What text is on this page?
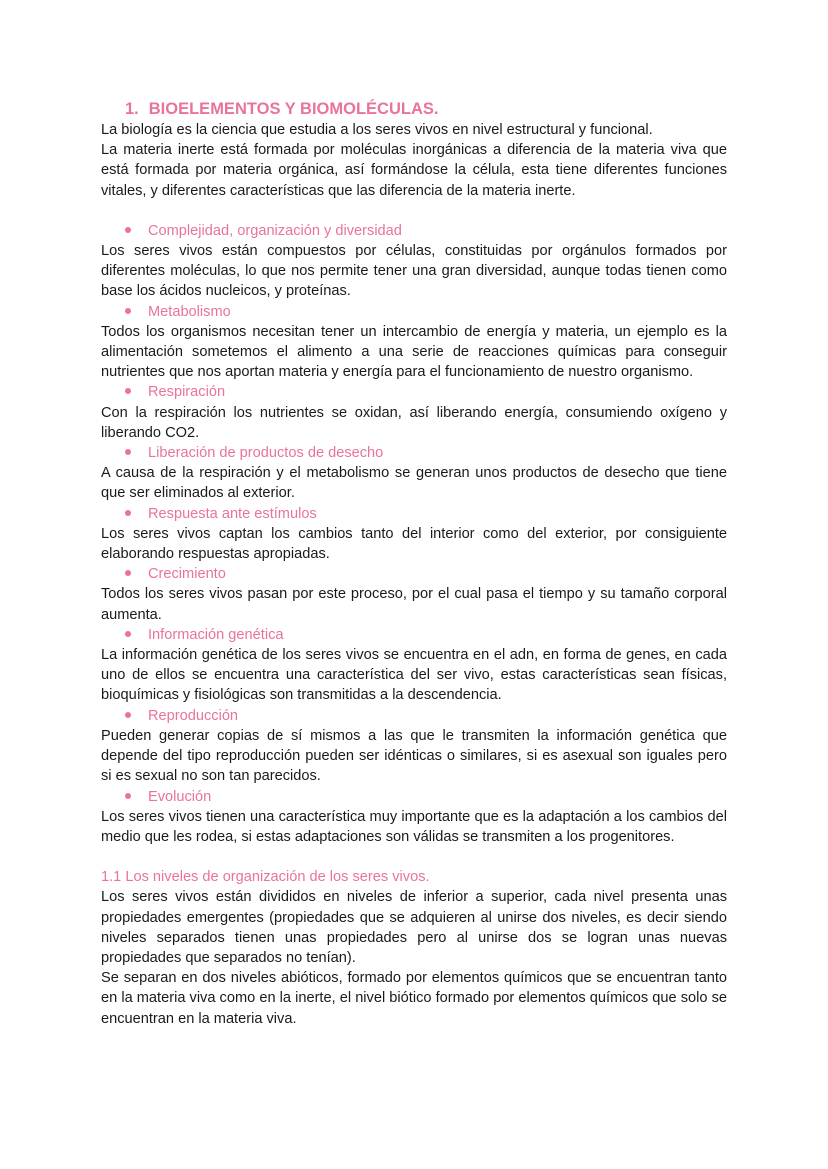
1. BIOELEMENTOS Y BIOMOLÉCULAS.

La biología es la ciencia que estudia a los seres vivos en nivel estructural y funcional.

La materia inerte está formada por moléculas inorgánicas a diferencia de la materia viva que está formada por materia orgánica, así formándose la célula, esta tiene diferentes funciones vitales, y diferentes características que las diferencia de la materia inerte.

Complejidad, organización y diversidad

Los seres vivos están compuestos por células, constituidas por orgánulos formados por diferentes moléculas, lo que nos permite tener una gran diversidad, aunque todas tienen como base los ácidos nucleicos, y proteínas.

Metabolismo

Todos los organismos necesitan tener un intercambio de energía y materia, un ejemplo es la alimentación sometemos el alimento a una serie de reacciones químicas para conseguir nutrientes que nos aportan materia y energía para el funcionamiento de nuestro organismo.

Respiración

Con la respiración los nutrientes se oxidan, así liberando energía, consumiendo oxígeno y liberando CO2.

Liberación de productos de desecho

A causa de la respiración y el metabolismo se generan unos productos de desecho que tiene que ser eliminados al exterior.

Respuesta ante estímulos

Los seres vivos captan los cambios tanto del interior como del exterior, por consiguiente elaborando respuestas apropiadas.

Crecimiento

Todos los seres vivos pasan por este proceso, por el cual pasa el tiempo y su tamaño corporal aumenta.

Información genética

La información genética de los seres vivos se encuentra en el adn, en forma de genes, en cada uno de ellos se encuentra una característica del ser vivo, estas características sean físicas, bioquímicas y fisiológicas son transmitidas a la descendencia.

Reproducción

Pueden generar copias de sí mismos a las que le transmiten la información genética que depende del tipo reproducción pueden ser idénticas o similares, si es asexual son iguales pero si es sexual no son tan parecidos.

Evolución

Los seres vivos tienen una característica muy importante que es la adaptación a los cambios del medio que les rodea, si estas adaptaciones son válidas se transmiten a los progenitores.

1.1 Los niveles de organización de los seres vivos.

Los seres vivos están divididos en niveles de inferior a superior, cada nivel presenta unas propiedades emergentes (propiedades que se adquieren al unirse dos niveles, es decir siendo niveles separados tienen unas propiedades pero al unirse dos se logran unas nuevas propiedades que separados no tenían).

Se separan en dos niveles abióticos, formado por elementos químicos que se encuentran tanto en la materia viva como en la inerte, el nivel biótico formado por elementos químicos que solo se encuentran en la materia viva.
